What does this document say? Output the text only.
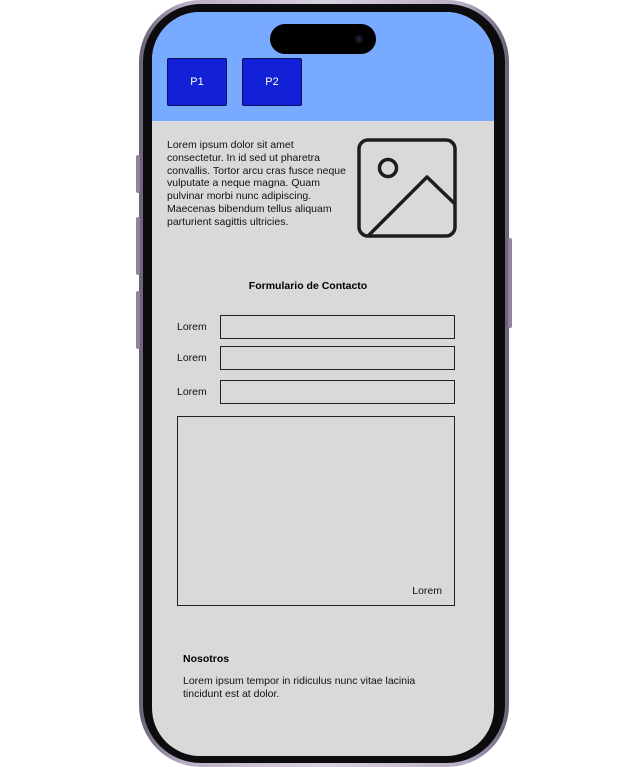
P1	P2
Lorem ipsum dolor sit amet consectetur. In id sed ut pharetra convallis. Tortor arcu cras fusce neque vulputate a neque magna. Quam pulvinar morbi nunc adipiscing. Maecenas bibendum tellus aliquam parturient sagittis ultricies.
Formulario de Contacto
Lorem
Lorem
Lorem
Lorem
Nosotros
Lorem ipsum tempor in ridiculus nunc vitae lacinia tincidunt est at dolor.
